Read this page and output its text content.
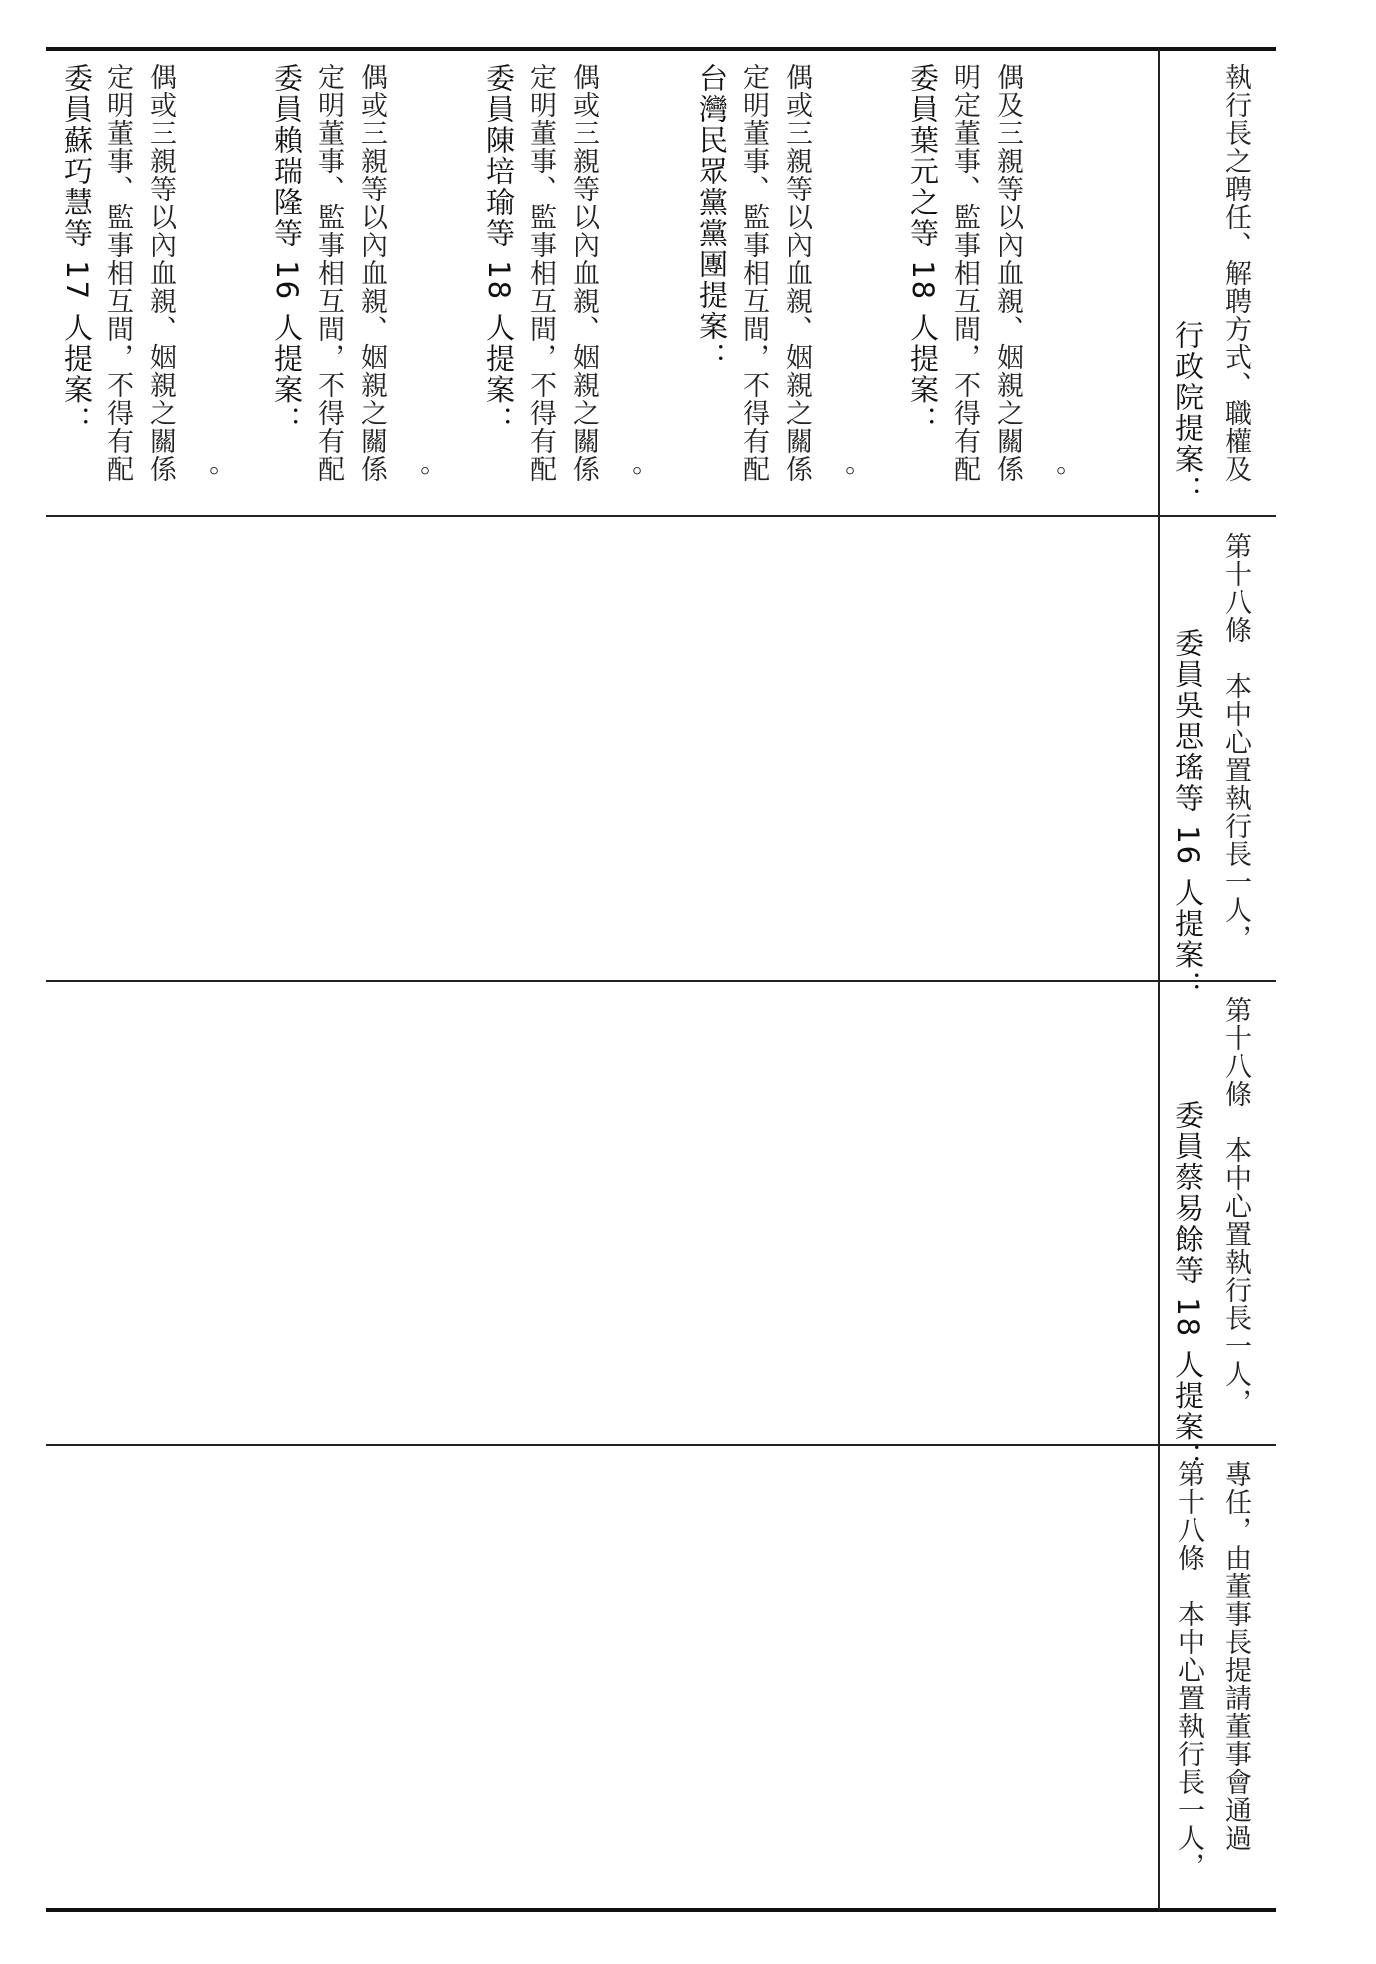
委員蘇巧慧等 17 人提案： 定明董事、監事相互間，不得有配 偶或三親等以內血親、姻親之關係 。
委員賴瑞隆等 16 人提案： 定明董事、監事相互間，不得有配 偶或三親等以內血親、姻親之關係 。
委員陳培瑜等 18 人提案： 定明董事、監事相互間，不得有配 偶或三親等以內血親、姻親之關係 。
台灣民眾黨黨團提案： 定明董事、監事相互間，不得有配 偶或三親等以內血親、姻親之關係 。
委員葉元之等 18 人提案： 明定董事、監事相互間，不得有配 偶及三親等以內血親、姻親之關係 。	行政院提案： 執行長之聘任、解聘方式、職權及
委員吳思瑤等 16 人提案： 第十八條　本中心置執行長一人，
委員蔡易餘等 18 人提案： 第十八條　本中心置執行長一人，
第十八條　本中心置執行長一人， 專任，由董事長提請董事會通過
